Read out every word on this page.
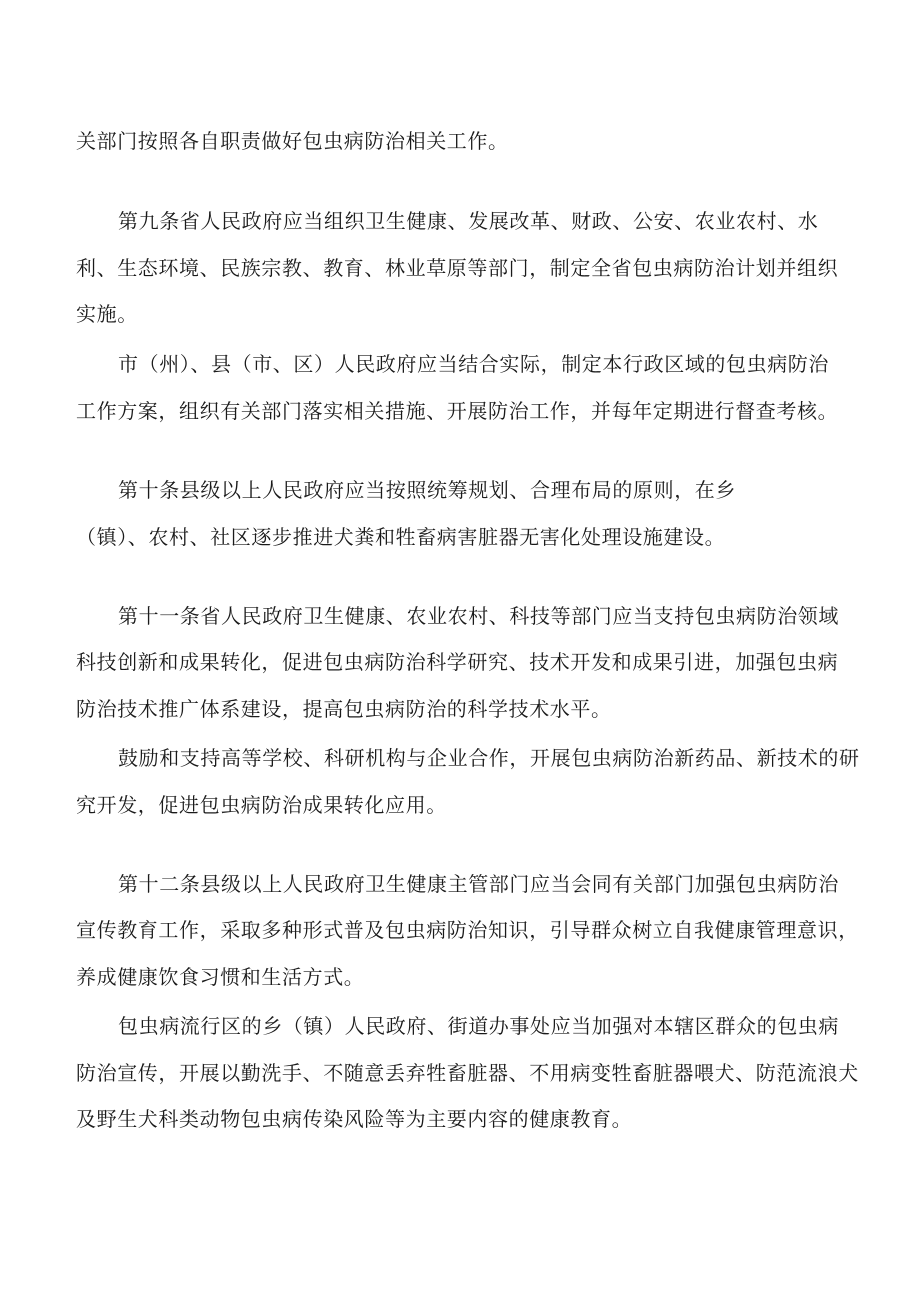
关部门按照各自职责做好包虫病防治相关工作。
第九条省人民政府应当组织卫生健康、发展改革、财政、公安、农业农村、水
利、生态环境、民族宗教、教育、林业草原等部门，制定全省包虫病防治计划并组织
实施。
市（州）、县（市、区）人民政府应当结合实际，制定本行政区域的包虫病防治
工作方案，组织有关部门落实相关措施、开展防治工作，并每年定期进行督查考核。
第十条县级以上人民政府应当按照统筹规划、合理布局的原则，在乡
（镇）、农村、社区逐步推进犬粪和牲畜病害脏器无害化处理设施建设。
第十一条省人民政府卫生健康、农业农村、科技等部门应当支持包虫病防治领域
科技创新和成果转化，促进包虫病防治科学研究、技术开发和成果引进，加强包虫病
防治技术推广体系建设，提高包虫病防治的科学技术水平。
鼓励和支持高等学校、科研机构与企业合作，开展包虫病防治新药品、新技术的研
究开发，促进包虫病防治成果转化应用。
第十二条县级以上人民政府卫生健康主管部门应当会同有关部门加强包虫病防治
宣传教育工作，采取多种形式普及包虫病防治知识，引导群众树立自我健康管理意识，
养成健康饮食习惯和生活方式。
包虫病流行区的乡（镇）人民政府、街道办事处应当加强对本辖区群众的包虫病
防治宣传，开展以勤洗手、不随意丢弃牲畜脏器、不用病变牲畜脏器喂犬、防范流浪犬
及野生犬科类动物包虫病传染风险等为主要内容的健康教育。
